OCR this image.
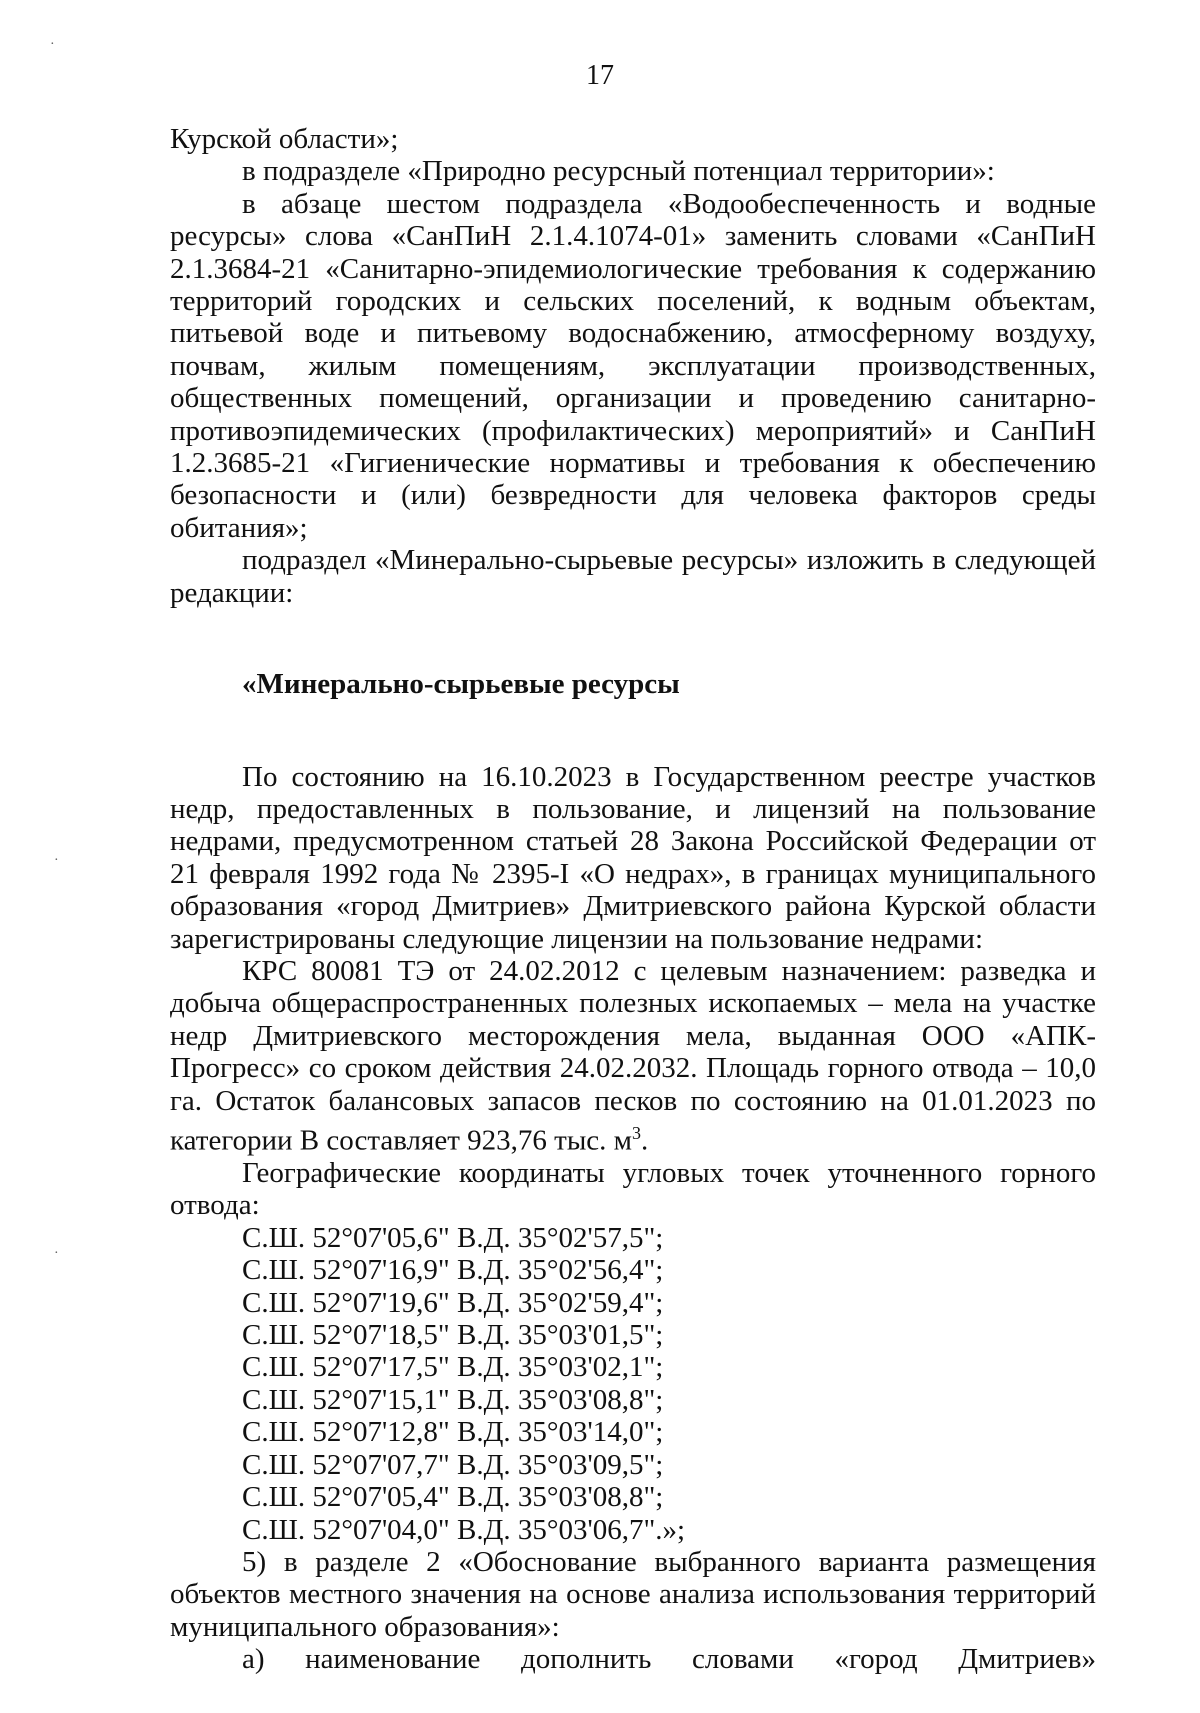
17
·
·
·

Курской области»;

в подразделе «Природно ресурсный потенциал территории»:

в абзаце шестом подраздела «Водообеспеченность и водные ресурсы» слова «СанПиН 2.1.4.1074-01» заменить словами «СанПиН 2.1.3684-21 «Санитарно-эпидемиологические требования к содержанию территорий городских и сельских поселений, к водным объектам, питьевой воде и питьевому водоснабжению, атмосферному воздуху, почвам, жилым помещениям, эксплуатации производственных, общественных помещений, организации и проведению санитарно-противоэпидемических (профилактических) мероприятий» и СанПиН 1.2.3685-21 «Гигиенические нормативы и требования к обеспечению безопасности и (или) безвредности для человека факторов среды обитания»;

подраздел «Минерально-сырьевые ресурсы» изложить в следующей редакции:

«Минерально-сырьевые ресурсы

По состоянию на 16.10.2023 в Государственном реестре участков недр, предоставленных в пользование, и лицензий на пользование недрами, предусмотренном статьей 28 Закона Российской Федерации от 21 февраля 1992 года № 2395-I «О недрах», в границах муниципального образования «город Дмитриев» Дмитриевского района Курской области зарегистрированы следующие лицензии на пользование недрами:

КРС 80081 ТЭ от 24.02.2012 с целевым назначением: разведка и добыча общераспространенных полезных ископаемых – мела на участке недр Дмитриевского месторождения мела, выданная ООО «АПК-Прогресс» со сроком действия 24.02.2032. Площадь горного отвода – 10,0 га. Остаток балансовых запасов песков по состоянию на 01.01.2023 по категории В составляет 923,76 тыс. $м^3$.

Географические координаты угловых точек уточненного горного отвода:

С.Ш. 52°07'05,6" В.Д. 35°02'57,5";
С.Ш. 52°07'16,9" В.Д. 35°02'56,4";
С.Ш. 52°07'19,6" В.Д. 35°02'59,4";
С.Ш. 52°07'18,5" В.Д. 35°03'01,5";
С.Ш. 52°07'17,5" В.Д. 35°03'02,1";
С.Ш. 52°07'15,1" В.Д. 35°03'08,8";
С.Ш. 52°07'12,8" В.Д. 35°03'14,0";
С.Ш. 52°07'07,7" В.Д. 35°03'09,5";
С.Ш. 52°07'05,4" В.Д. 35°03'08,8";
С.Ш. 52°07'04,0" В.Д. 35°03'06,7".»;

5) в разделе 2 «Обоснование выбранного варианта размещения объектов местного значения на основе анализа использования территорий муниципального образования»:

а) наименование дополнить словами «город Дмитриев»
